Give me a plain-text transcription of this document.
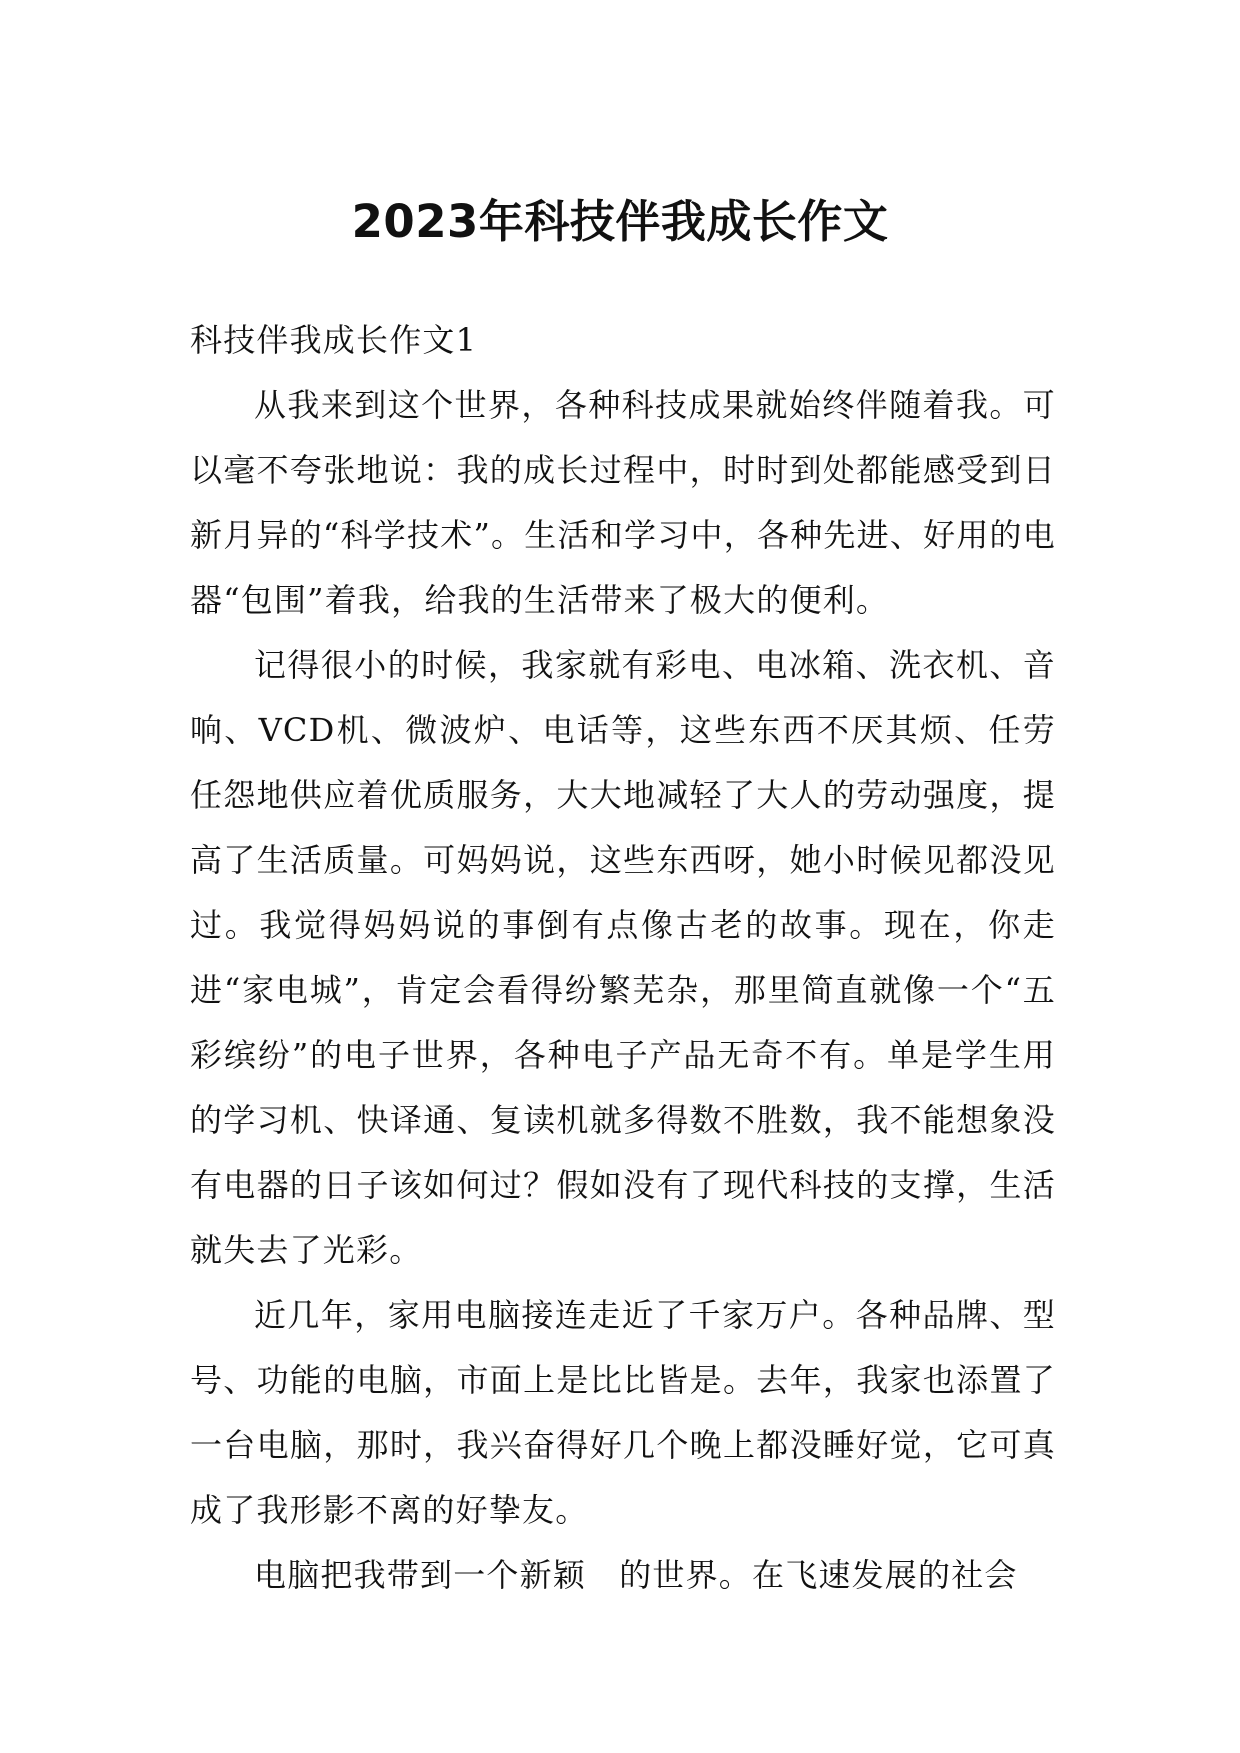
2023年科技伴我成长作文
科技伴我成长作文1

从我来到这个世界，各种科技成果就始终伴随着我。可以毫不夸张地说：我的成长过程中，时时到处都能感受到日新月异的“科学技术”。生活和学习中，各种先进、好用的电器“包围”着我，给我的生活带来了极大的便利。

记得很小的时候，我家就有彩电、电冰箱、洗衣机、音响、VCD机、微波炉、电话等，这些东西不厌其烦、任劳任怨地供应着优质服务，大大地减轻了大人的劳动强度，提高了生活质量。可妈妈说，这些东西呀，她小时候见都没见过。我觉得妈妈说的事倒有点像古老的故事。现在，你走进“家电城”，肯定会看得纷繁芜杂，那里简直就像一个“五彩缤纷”的电子世界，各种电子产品无奇不有。单是学生用的学习机、快译通、复读机就多得数不胜数，我不能想象没有电器的日子该如何过？假如没有了现代科技的支撑，生活就失去了光彩。

近几年，家用电脑接连走近了千家万户。各种品牌、型号、功能的电脑，市面上是比比皆是。去年，我家也添置了一台电脑，那时，我兴奋得好几个晚上都没睡好觉，它可真成了我形影不离的好挚友。

电脑把我带到一个新颖　的世界。在飞速发展的社会
